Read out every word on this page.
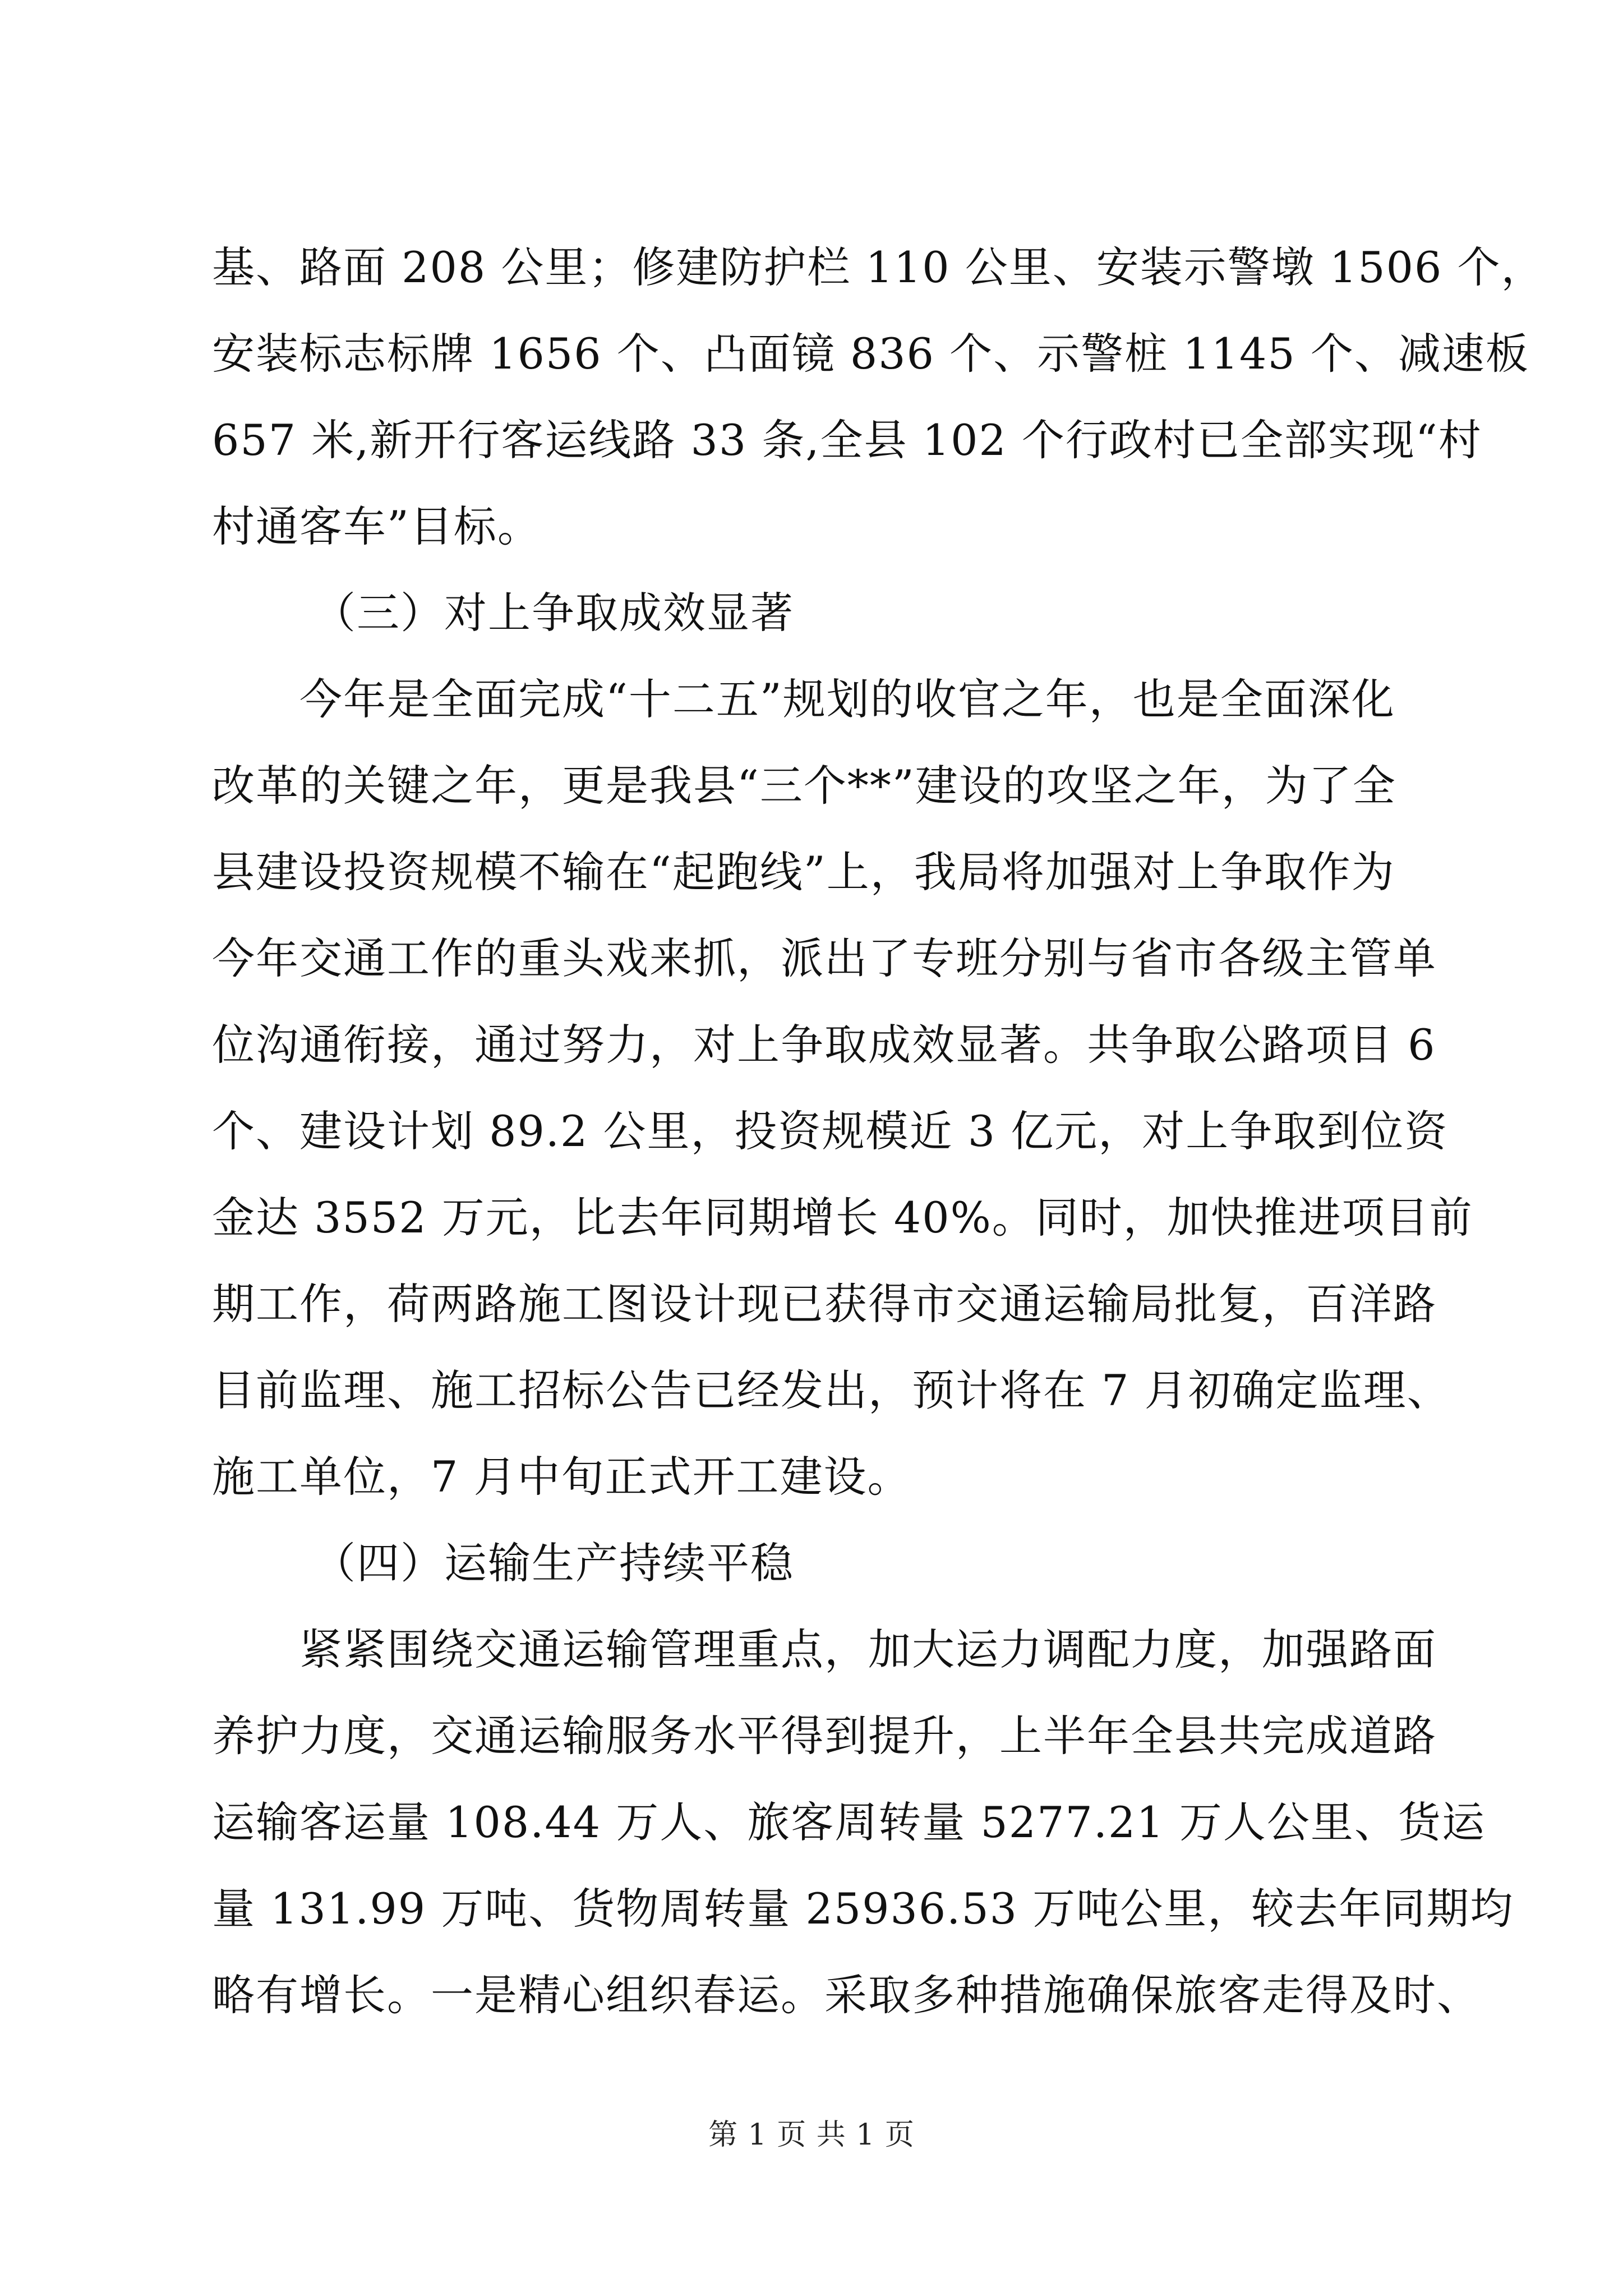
基、路面 208 公里；修建防护栏 110 公里、安装示警墩 1506 个，
安装标志标牌 1656 个、凸面镜 836 个、示警桩 1145 个、减速板
657 米,新开行客运线路 33 条,全县 102 个行政村已全部实现“村
村通客车”目标。
（三）对上争取成效显著
今年是全面完成“十二五”规划的收官之年，也是全面深化
改革的关键之年，更是我县“三个**”建设的攻坚之年，为了全
县建设投资规模不输在“起跑线”上，我局将加强对上争取作为
今年交通工作的重头戏来抓，派出了专班分别与省市各级主管单
位沟通衔接，通过努力，对上争取成效显著。共争取公路项目 6
个、建设计划 89.2 公里，投资规模近 3 亿元，对上争取到位资
金达 3552 万元，比去年同期增长 40%。同时，加快推进项目前
期工作，荷两路施工图设计现已获得市交通运输局批复，百洋路
目前监理、施工招标公告已经发出，预计将在 7 月初确定监理、
施工单位，7 月中旬正式开工建设。
（四）运输生产持续平稳
紧紧围绕交通运输管理重点，加大运力调配力度，加强路面
养护力度，交通运输服务水平得到提升，上半年全县共完成道路
运输客运量 108.44 万人、旅客周转量 5277.21 万人公里、货运
量 131.99 万吨、货物周转量 25936.53 万吨公里，较去年同期均
略有增长。一是精心组织春运。采取多种措施确保旅客走得及时、
第 1 页 共 1 页
